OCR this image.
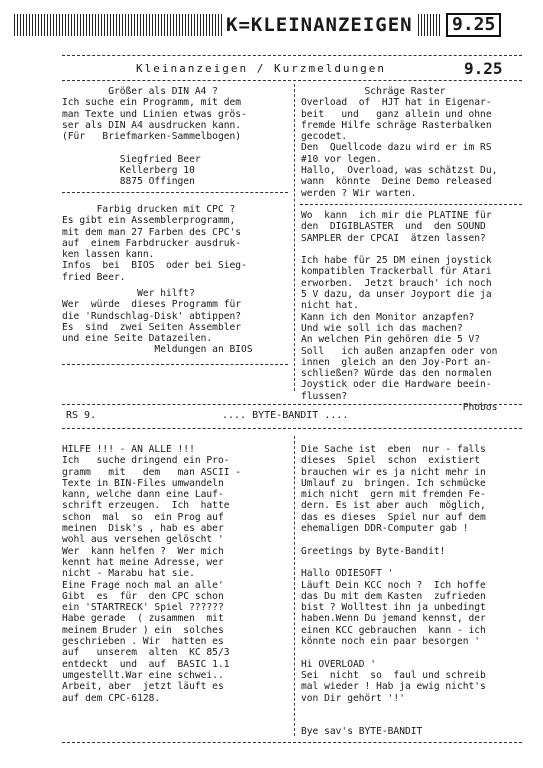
K=KLEINANZEIGEN	9.25
Kleinanzeigen / Kurzmeldungen	9.25
Größer als DIN A4 ?
Ich suche ein Programm, mit dem
man Texte und Linien etwas grös-
ser als DIN A4 ausdrucken kann.
(Für   Briefmarken-Sammelbogen)

Siegfried Beer
Kellerberg 10
8875 Offingen
Farbig drucken mit CPC ?
Es gibt ein Assemblerprogramm,
mit dem man 27 Farben des CPC's
auf  einem Farbdrucker ausdruk-
ken lassen kann.
Infos  bei  BIOS  oder bei Sieg-
fried Beer.
Wer hilft?
Wer  würde  dieses Programm für
die 'Rundschlag-Disk' abtippen?
Es  sind  zwei Seiten Assembler
und eine Seite Datazeilen.
Meldungen an BIOS
Schräge Raster
Overload  of  HJT hat in Eigenar-
beit   und   ganz allein und ohne
fremde Hilfe schräge Rasterbalken
gecodet.
Den  Quellcode dazu wird er im RS
#10 vor legen.
Hallo,  Overload, was schätzst Du,
wann  könnte  Deine Demo released
werden ? Wir warten.
Wo  kann  ich mir die PLATINE für
den  DIGIBLASTER  und  den SOUND
SAMPLER der CPCAI  ätzen lassen?

Ich habe für 25 DM einen joystick
kompatiblen Trackerball für Atari
erworben.  Jetzt brauch' ich noch
5 V dazu, da unser Joyport die ja
nicht hat.
Kann ich den Monitor anzapfen?
Und wie soll ich das machen?
An welchen Pin gehören die 5 V?
Soll   ich außen anzapfen oder von
innen  gleich an den Joy-Port an-
schließen? Würde das den normalen
Joystick oder die Hardware beein-
flussen?
Phobos
RS 9.	.... BYTE-BANDIT ....
HILFE !!! - AN ALLE !!!
Ich   suche dringend ein Pro-
gramm   mit   dem   man ASCII -
Texte in BIN-Files umwandeln
kann, welche dann eine Lauf-
schrift erzeugen.  Ich  hatte
schon  mal  so  ein Prog auf
meinen  Disk's , hab es aber
wohl aus versehen gelöscht '
Wer  kann helfen ?  Wer mich
kennt hat meine Adresse, wer
nicht - Marabu hat sie.
Eine Frage noch mal an alle'
Gibt  es  für  den CPC schon
ein 'STARTRECK' Spiel ??????
Habe gerade  ( zusammen  mit
meinem Bruder ) ein  solches
geschrieben . Wir  hatten es
auf   unserem  alten  KC 85/3
entdeckt  und  auf  BASIC 1.1
umgestellt.War eine schwei..
Arbeit, aber  jetzt läuft es
auf dem CPC-6128.
Die Sache ist  eben  nur - falls
dieses  Spiel  schon  existiert
brauchen wir es ja nicht mehr in
Umlauf zu  bringen. Ich schmücke
mich nicht  gern mit fremden Fe-
dern. Es ist aber auch  möglich,
das es dieses  Spiel nur auf dem
ehemaligen DDR-Computer gab !

Greetings by Byte-Bandit!

Hallo ODIESOFT '
Läuft Dein KCC noch ?  Ich hoffe
das Du mit dem Kasten  zufrieden
bist ? Wolltest ihn ja unbedingt
haben.Wenn Du jemand kennst, der
einen KCC gebrauchen  kann - ich
könnte noch ein paar besorgen '

Hi OVERLOAD '
Sei  nicht  so  faul und schreib
mal wieder ! Hab ja ewig nicht's
von Dir gehört '!'

Bye sav's BYTE-BANDIT
